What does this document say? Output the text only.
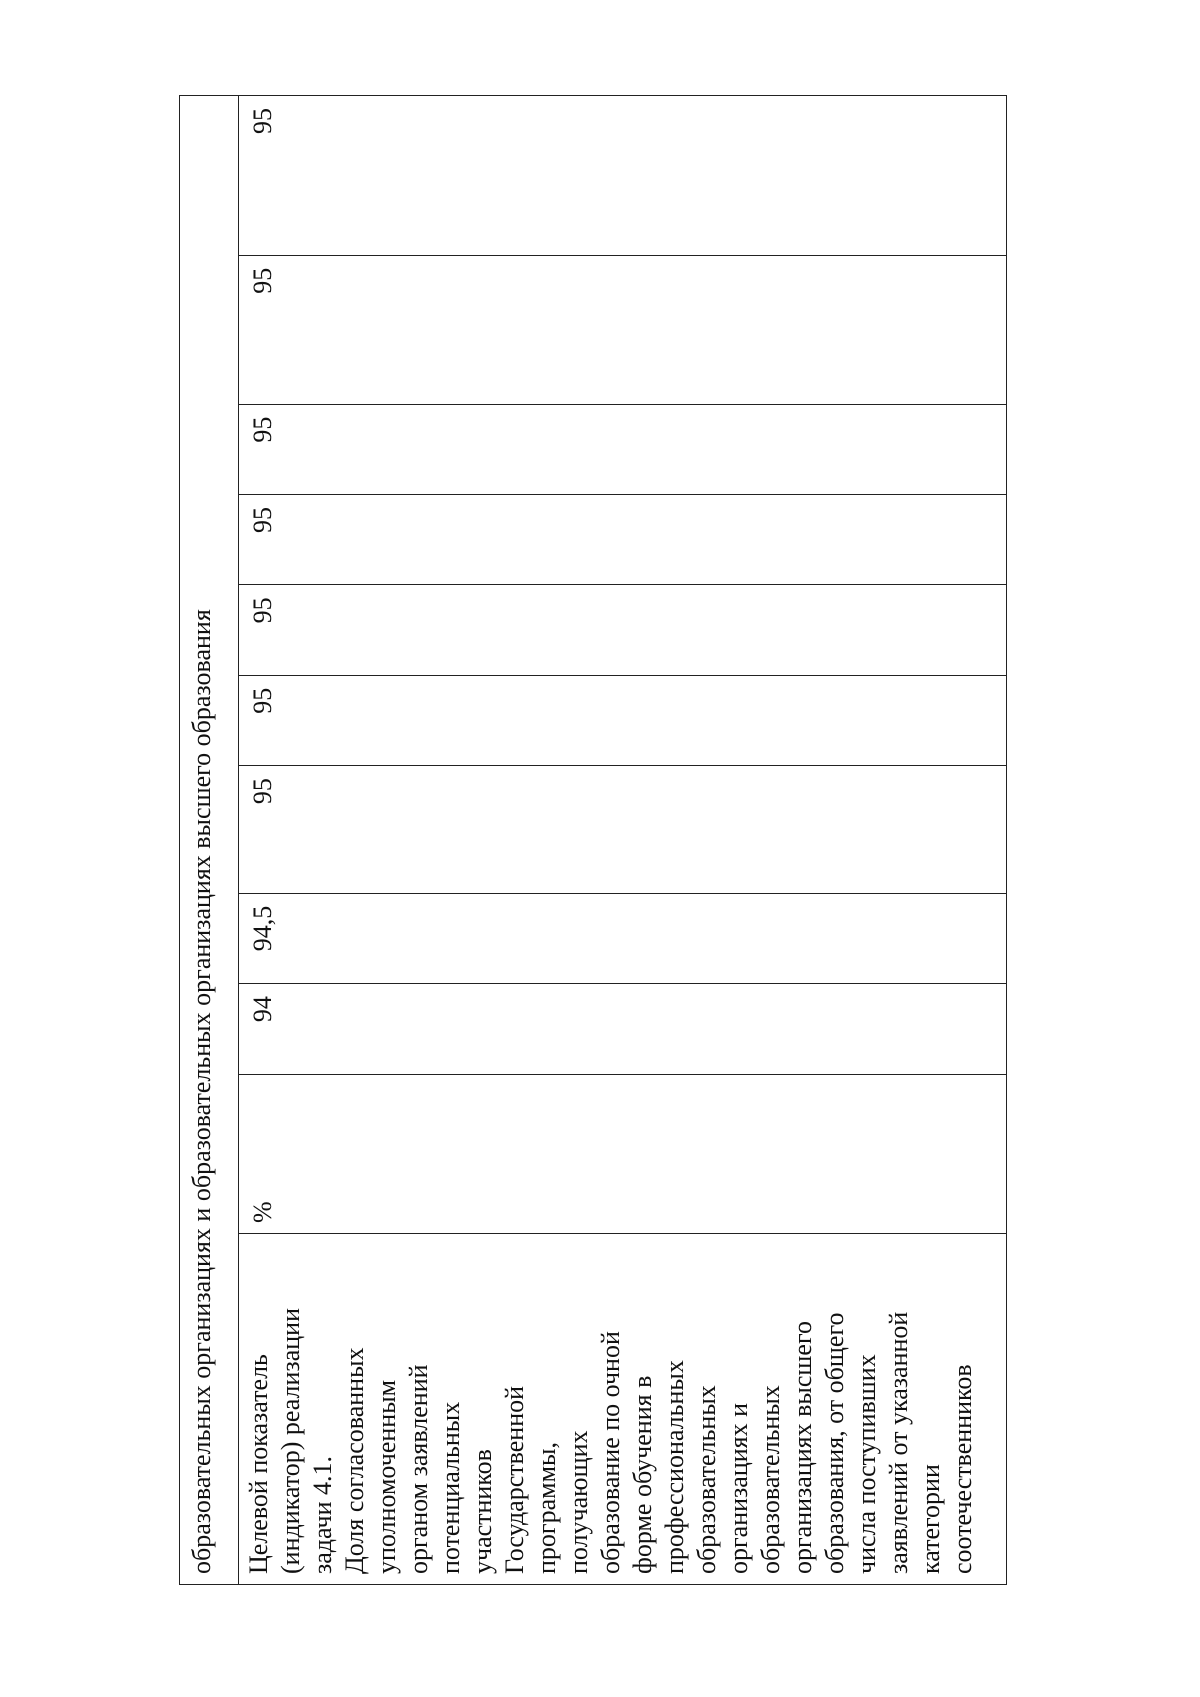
образовательных организациях и образовательных организациях высшего образования

Целевой показатель (индикатор) реализации задачи 4.1. Доля согласованных уполномоченным органом заявлений потенциальных участников Государственной программы, получающих образование по очной форме обучения в профессиональных образовательных организациях и образовательных организациях высшего образования, от общего числа поступивших заявлений от указанной категории соотечественников
	%	94	94,5	95	95	95	95	95	95	95
